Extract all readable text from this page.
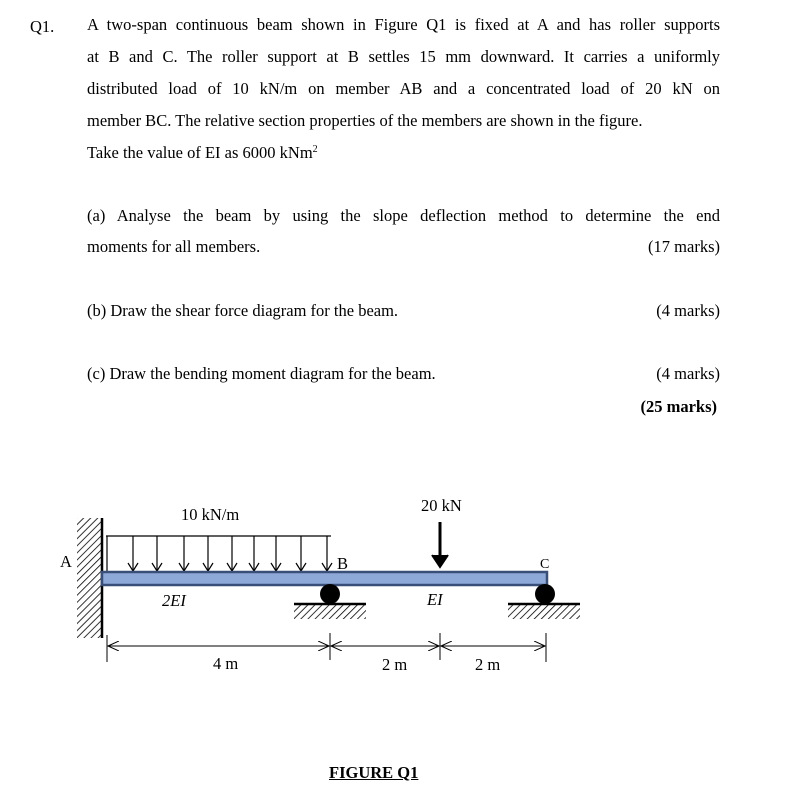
Q1. A two-span continuous beam shown in Figure Q1 is fixed at A and has roller supports
at B and C. The roller support at B settles 15 mm downward. It carries a uniformly
distributed load of 10 kN/m on member AB and a concentrated load of 20 kN on
member BC. The relative section properties of the members are shown in the figure.
Take the value of EI as 6000 kNm$^2$
(a) Analyse the beam by using the slope deflection method to determine the end
moments for all members.	(17 marks)
(b) Draw the shear force diagram for the beam.	(4 marks)
(c) Draw the bending moment diagram for the beam.	(4 marks)
(25 marks)
10 kN/m	20 kN
A	B	C
2EI	EI
4 m	2 m	2 m
FIGURE Q1
